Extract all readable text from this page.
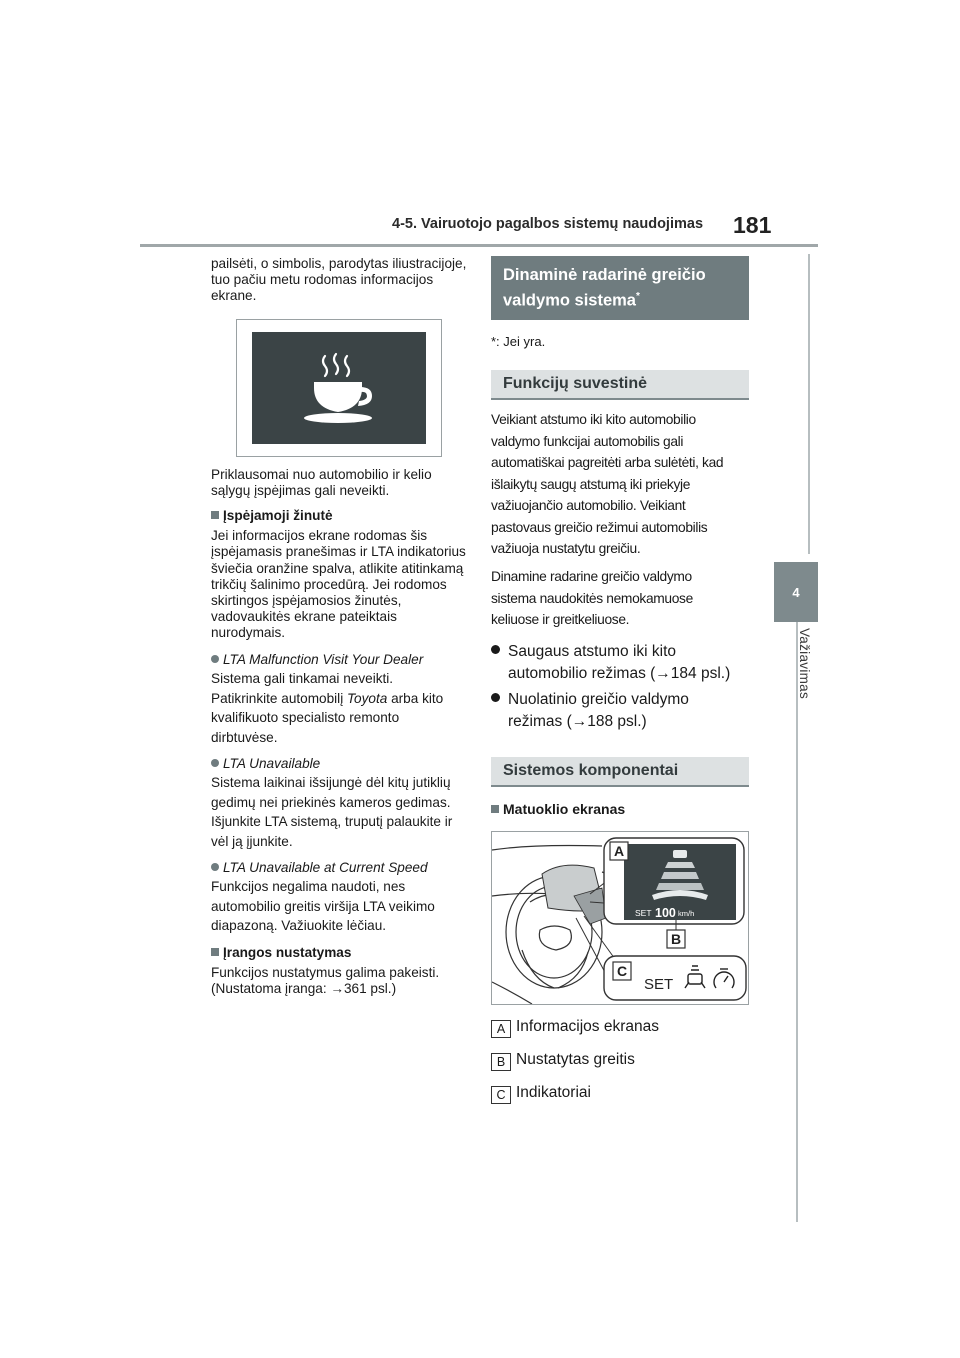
4-5. Vairuotojo pagalbos sistemų naudojimas 181
4
Važiavimas

pailsėti, o simbolis, parodytas iliustracijoje, tuo pačiu metu rodomas informacijos ekrane.

Priklausomai nuo automobilio ir kelio sąlygų įspėjimas gali neveikti.

Įspėjamoji žinutė

Jei informacijos ekrane rodomas šis įspėjamasis pranešimas ir LTA indikatorius šviečia oranžine spalva, atlikite atitinkamą trikčių šalinimo procedūrą. Jei rodomos skirtingos įspėjamosios žinutės, vadovaukitės ekrane pateiktais nurodymais.

LTA Malfunction Visit Your Dealer
Sistema gali tinkamai neveikti.
Patikrinkite automobilį Toyota arba kito
kvalifikuoto specialisto remonto
dirbtuvėse.
LTA Unavailable
Sistema laikinai išsijungė dėl kitų jutiklių
gedimų nei priekinės kameros gedimas.
Išjunkite LTA sistemą, truputį palaukite ir
vėl ją įjunkite.
LTA Unavailable at Current Speed
Funkcijos negalima naudoti, nes
automobilio greitis viršija LTA veikimo
diapazoną. Važiuokite lėčiau.

Įrangos nustatymas

Funkcijos nustatymus galima pakeisti. (Nustatoma įranga: →361 psl.)

Dinaminė radarinė greičio valdymo sistema*

*: Jei yra.

Funkcijų suvestinė
Veikiant atstumo iki kito automobilio
valdymo funkcijai automobilis gali
automatiškai pagreitėti arba sulėtėti, kad
išlaikytų saugų atstumą iki priekyje
važiuojančio automobilio. Veikiant
pastovaus greičio režimui automobilis
važiuoja nustatytu greičiu.
Dinamine radarine greičio valdymo
sistema naudokitės nemokamuose
keliuose ir greitkeliuose.
Saugaus atstumo iki kito
automobilio režimas (→184 psl.)
Nuolatinio greičio valdymo
režimas (→188 psl.)
Sistemos komponentai

Matuoklio ekranas

SET 100 km/h
A
B
C
SET
A Informacijos ekranas
B Nustatytas greitis
C Indikatoriai
